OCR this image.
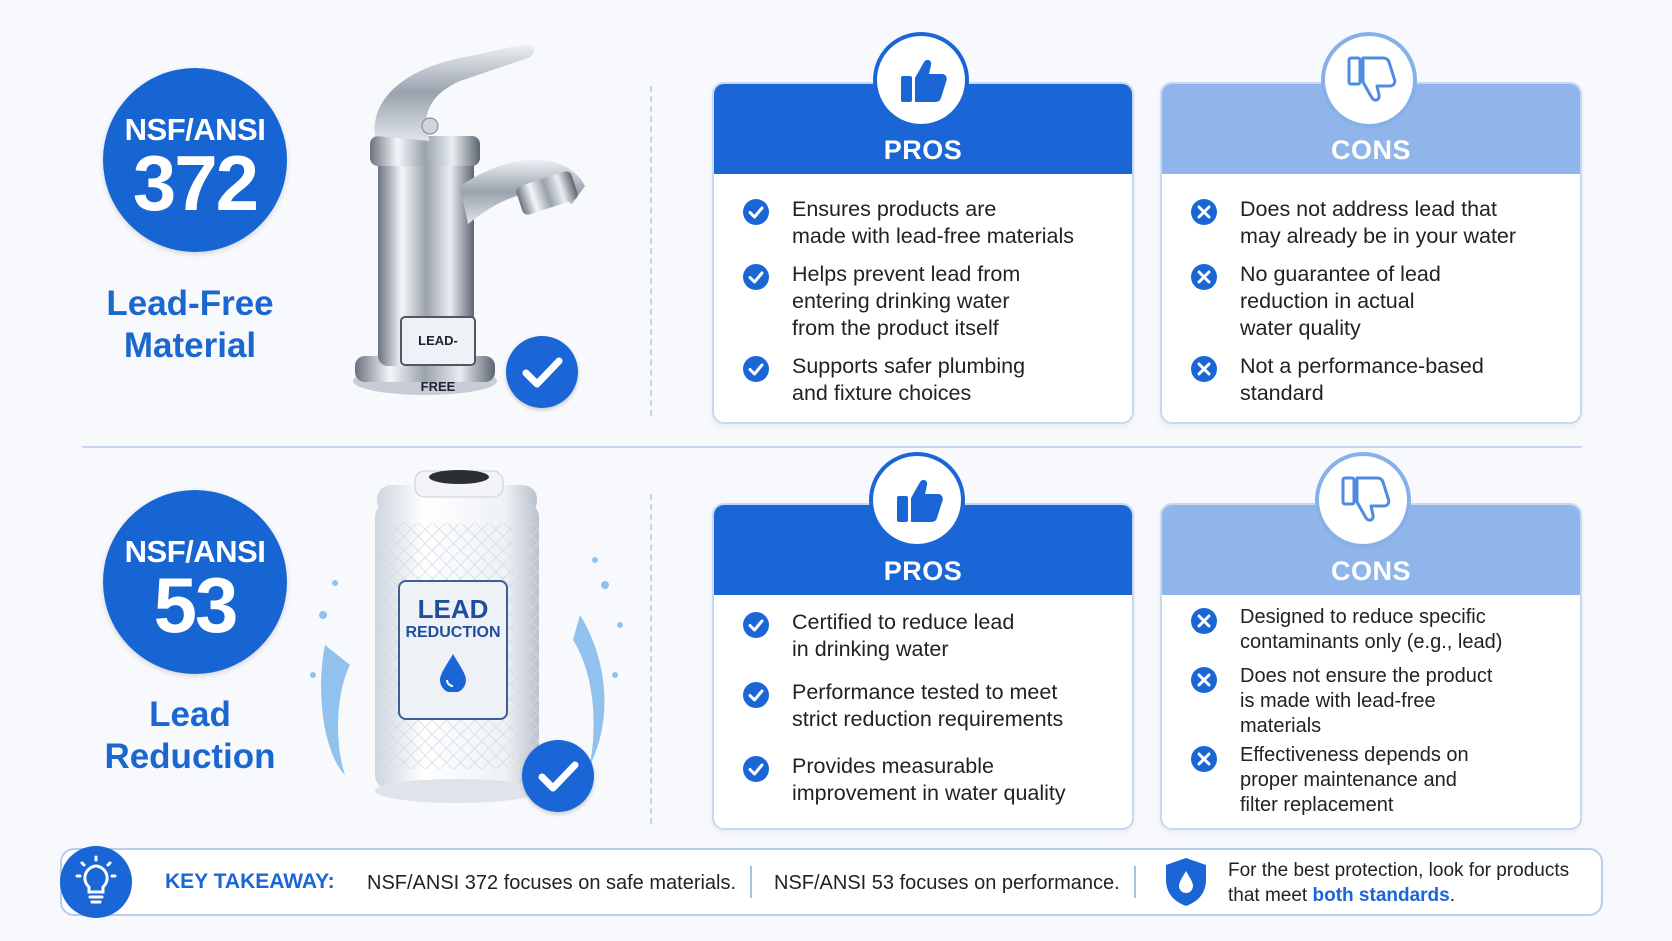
NSF/ANSI
372
Lead-Free
Material	LEAD-FREE
PROS
Ensures products are
made with lead-free materials
Helps prevent lead from
entering drinking water
from the product itself
Supports safer plumbing
and fixture choices
CONS
Does not address lead that
may already be in your water
No guarantee of lead
reduction in actual
water quality
Not a performance-based
standard
NSF/ANSI
53
Lead
Reduction
LEAD
REDUCTION
PROS
Certified to reduce lead
in drinking water
Performance tested to meet
strict reduction requirements
Provides measurable
improvement in water quality
CONS
Designed to reduce specific
contaminants only (e.g., lead)
Does not ensure the product
is made with lead-free
materials
Effectiveness depends on
proper maintenance and
filter replacement
KEY TAKEAWAY: NSF/ANSI 372 focuses on safe materials. NSF/ANSI 53 focuses on performance.
For the best protection, look for products
that meet both standards.
